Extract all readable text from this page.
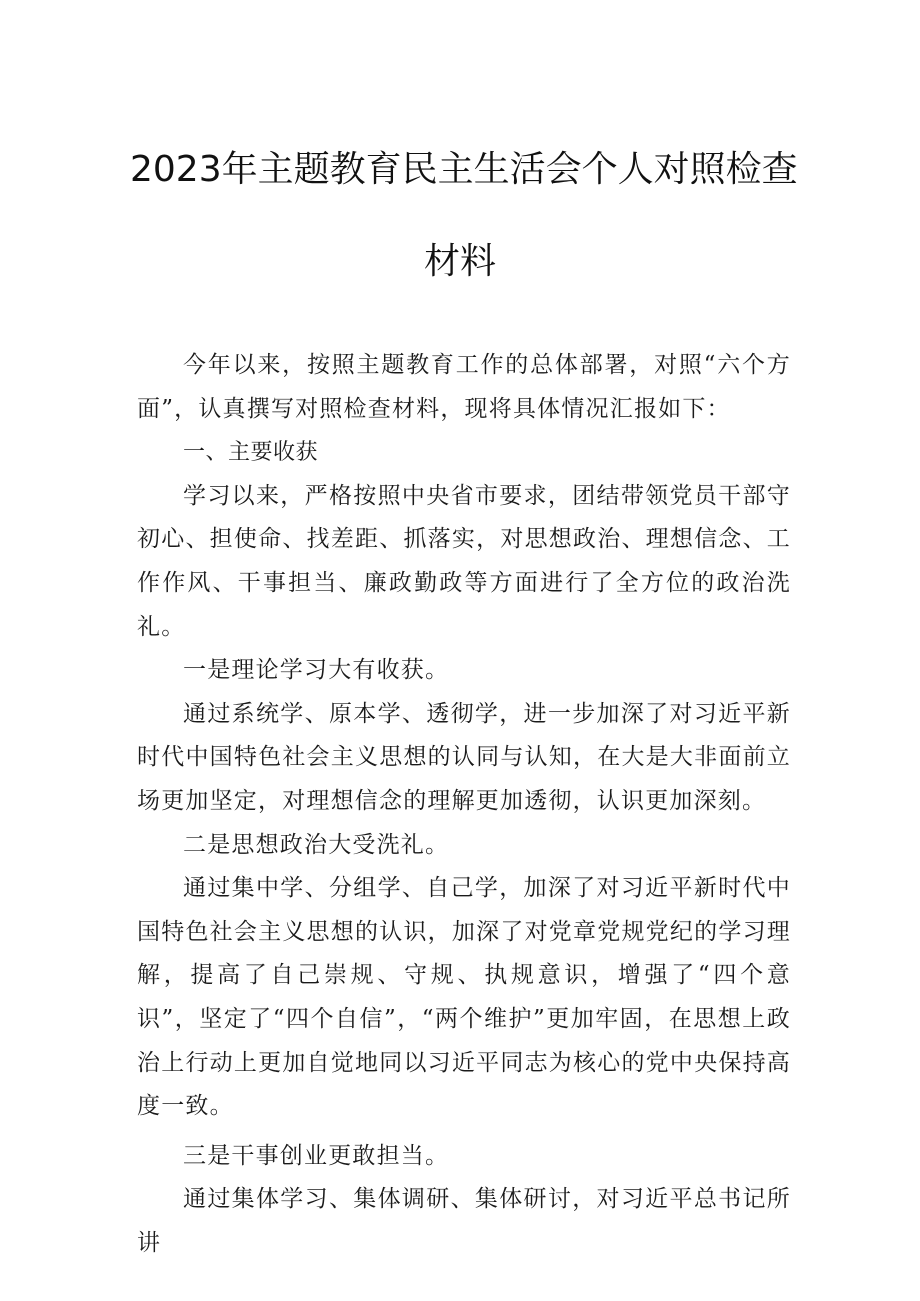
2023年主题教育民主生活会个人对照检查
材料

今年以来，按照主题教育工作的总体部署，对照“六个方面”，认真撰写对照检查材料，现将具体情况汇报如下：

一、主要收获

学习以来，严格按照中央省市要求，团结带领党员干部守初心、担使命、找差距、抓落实，对思想政治、理想信念、工作作风、干事担当、廉政勤政等方面进行了全方位的政治洗礼。

一是理论学习大有收获。

通过系统学、原本学、透彻学，进一步加深了对习近平新时代中国特色社会主义思想的认同与认知，在大是大非面前立场更加坚定，对理想信念的理解更加透彻，认识更加深刻。

二是思想政治大受洗礼。

通过集中学、分组学、自己学，加深了对习近平新时代中国特色社会主义思想的认识，加深了对党章党规党纪的学习理解，提高了自己崇规、守规、执规意识，增强了“四个意识”，坚定了“四个自信”，“两个维护”更加牢固，在思想上政治上行动上更加自觉地同以习近平同志为核心的党中央保持高度一致。

三是干事创业更敢担当。

通过集体学习、集体调研、集体研讨，对习近平总书记所讲
